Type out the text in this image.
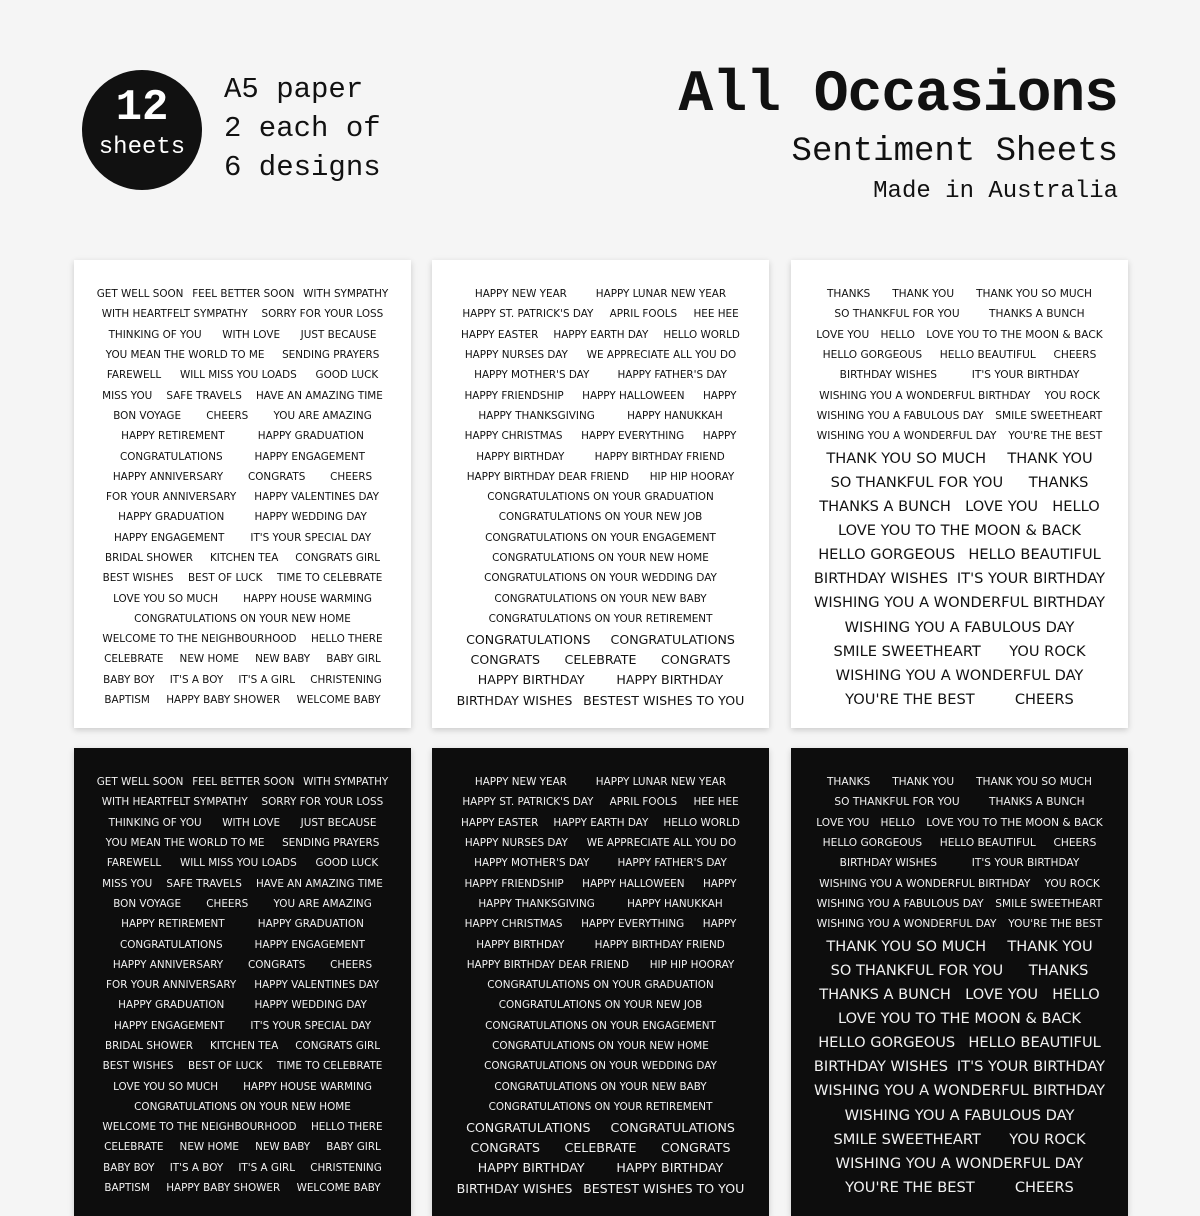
12
sheets
A5 paper
2 each of
6 designs
All Occasions
Sentiment Sheets
Made in Australia
GET WELL SOON FEEL BETTER SOON WITH SYMPATHY
WITH HEARTFELT SYMPATHY SORRY FOR YOUR LOSS
THINKING OF YOU WITH LOVE JUST BECAUSE
YOU MEAN THE WORLD TO ME SENDING PRAYERS
FAREWELL WILL MISS YOU LOADS GOOD LUCK
MISS YOU SAFE TRAVELS HAVE AN AMAZING TIME
BON VOYAGE CHEERS YOU ARE AMAZING
HAPPY RETIREMENT	HAPPY GRADUATION
CONGRATULATIONS	HAPPY ENGAGEMENT
HAPPY ANNIVERSARY CONGRATS CHEERS
FOR YOUR ANNIVERSARY HAPPY VALENTINES DAY
HAPPY GRADUATION	HAPPY WEDDING DAY
HAPPY ENGAGEMENT IT'S YOUR SPECIAL DAY
BRIDAL SHOWER KITCHEN TEA CONGRATS GIRL
BEST WISHES BEST OF LUCK TIME TO CELEBRATE
LOVE YOU SO MUCH HAPPY HOUSE WARMING
CONGRATULATIONS ON YOUR NEW HOME
WELCOME TO THE NEIGHBOURHOOD HELLO THERE
CELEBRATE NEW HOME NEW BABY BABY GIRL
BABY BOY IT'S A BOY IT'S A GIRL CHRISTENING
BAPTISM HAPPY BABY SHOWER WELCOME BABY
HAPPY NEW YEAR	HAPPY LUNAR NEW YEAR
HAPPY ST. PATRICK'S DAY APRIL FOOLS HEE HEE
HAPPY EASTER HAPPY EARTH DAY HELLO WORLD
HAPPY NURSES DAY WE APPRECIATE ALL YOU DO
HAPPY MOTHER'S DAY	HAPPY FATHER'S DAY
HAPPY FRIENDSHIP HAPPY HALLOWEEN HAPPY
HAPPY THANKSGIVING	HAPPY HANUKKAH
HAPPY CHRISTMAS HAPPY EVERYTHING HAPPY
HAPPY BIRTHDAY	HAPPY BIRTHDAY FRIEND
HAPPY BIRTHDAY DEAR FRIEND HIP HIP HOORAY
CONGRATULATIONS ON YOUR GRADUATION
CONGRATULATIONS ON YOUR NEW JOB
CONGRATULATIONS ON YOUR ENGAGEMENT
CONGRATULATIONS ON YOUR NEW HOME
CONGRATULATIONS ON YOUR WEDDING DAY
CONGRATULATIONS ON YOUR NEW BABY
CONGRATULATIONS ON YOUR RETIREMENT
CONGRATULATIONS CONGRATULATIONS
CONGRATS CELEBRATE CONGRATS
HAPPY BIRTHDAY	HAPPY BIRTHDAY
BIRTHDAY WISHES BESTEST WISHES TO YOU
THANKS THANK YOU THANK YOU SO MUCH
SO THANKFUL FOR YOU	THANKS A BUNCH
LOVE YOU HELLO LOVE YOU TO THE MOON & BACK
HELLO GORGEOUS HELLO BEAUTIFUL CHEERS
BIRTHDAY WISHES	IT'S YOUR BIRTHDAY
WISHING YOU A WONDERFUL BIRTHDAY YOU ROCK
WISHING YOU A FABULOUS DAY SMILE SWEETHEART
WISHING YOU A WONDERFUL DAY YOU'RE THE BEST
THANK YOU SO MUCH THANK YOU
SO THANKFUL FOR YOU THANKS
THANKS A BUNCH LOVE YOU HELLO
LOVE YOU TO THE MOON & BACK
HELLO GORGEOUS HELLO BEAUTIFUL
BIRTHDAY WISHES IT'S YOUR BIRTHDAY
WISHING YOU A WONDERFUL BIRTHDAY
WISHING YOU A FABULOUS DAY
SMILE SWEETHEART YOU ROCK
WISHING YOU A WONDERFUL DAY
YOU'RE THE BEST	CHEERS
GET WELL SOON FEEL BETTER SOON WITH SYMPATHY
WITH HEARTFELT SYMPATHY SORRY FOR YOUR LOSS
THINKING OF YOU WITH LOVE JUST BECAUSE
YOU MEAN THE WORLD TO ME SENDING PRAYERS
FAREWELL WILL MISS YOU LOADS GOOD LUCK
MISS YOU SAFE TRAVELS HAVE AN AMAZING TIME
BON VOYAGE CHEERS YOU ARE AMAZING
HAPPY RETIREMENT	HAPPY GRADUATION
CONGRATULATIONS	HAPPY ENGAGEMENT
HAPPY ANNIVERSARY CONGRATS CHEERS
FOR YOUR ANNIVERSARY HAPPY VALENTINES DAY
HAPPY GRADUATION	HAPPY WEDDING DAY
HAPPY ENGAGEMENT IT'S YOUR SPECIAL DAY
BRIDAL SHOWER KITCHEN TEA CONGRATS GIRL
BEST WISHES BEST OF LUCK TIME TO CELEBRATE
LOVE YOU SO MUCH HAPPY HOUSE WARMING
CONGRATULATIONS ON YOUR NEW HOME
WELCOME TO THE NEIGHBOURHOOD HELLO THERE
CELEBRATE NEW HOME NEW BABY BABY GIRL
BABY BOY IT'S A BOY IT'S A GIRL CHRISTENING
BAPTISM HAPPY BABY SHOWER WELCOME BABY
HAPPY NEW YEAR	HAPPY LUNAR NEW YEAR
HAPPY ST. PATRICK'S DAY APRIL FOOLS HEE HEE
HAPPY EASTER HAPPY EARTH DAY HELLO WORLD
HAPPY NURSES DAY WE APPRECIATE ALL YOU DO
HAPPY MOTHER'S DAY	HAPPY FATHER'S DAY
HAPPY FRIENDSHIP HAPPY HALLOWEEN HAPPY
HAPPY THANKSGIVING	HAPPY HANUKKAH
HAPPY CHRISTMAS HAPPY EVERYTHING HAPPY
HAPPY BIRTHDAY	HAPPY BIRTHDAY FRIEND
HAPPY BIRTHDAY DEAR FRIEND HIP HIP HOORAY
CONGRATULATIONS ON YOUR GRADUATION
CONGRATULATIONS ON YOUR NEW JOB
CONGRATULATIONS ON YOUR ENGAGEMENT
CONGRATULATIONS ON YOUR NEW HOME
CONGRATULATIONS ON YOUR WEDDING DAY
CONGRATULATIONS ON YOUR NEW BABY
CONGRATULATIONS ON YOUR RETIREMENT
CONGRATULATIONS CONGRATULATIONS
CONGRATS CELEBRATE CONGRATS
HAPPY BIRTHDAY	HAPPY BIRTHDAY
BIRTHDAY WISHES BESTEST WISHES TO YOU
THANKS THANK YOU THANK YOU SO MUCH
SO THANKFUL FOR YOU	THANKS A BUNCH
LOVE YOU HELLO LOVE YOU TO THE MOON & BACK
HELLO GORGEOUS HELLO BEAUTIFUL CHEERS
BIRTHDAY WISHES	IT'S YOUR BIRTHDAY
WISHING YOU A WONDERFUL BIRTHDAY YOU ROCK
WISHING YOU A FABULOUS DAY SMILE SWEETHEART
WISHING YOU A WONDERFUL DAY YOU'RE THE BEST
THANK YOU SO MUCH THANK YOU
SO THANKFUL FOR YOU THANKS
THANKS A BUNCH LOVE YOU HELLO
LOVE YOU TO THE MOON & BACK
HELLO GORGEOUS HELLO BEAUTIFUL
BIRTHDAY WISHES IT'S YOUR BIRTHDAY
WISHING YOU A WONDERFUL BIRTHDAY
WISHING YOU A FABULOUS DAY
SMILE SWEETHEART YOU ROCK
WISHING YOU A WONDERFUL DAY
YOU'RE THE BEST	CHEERS
